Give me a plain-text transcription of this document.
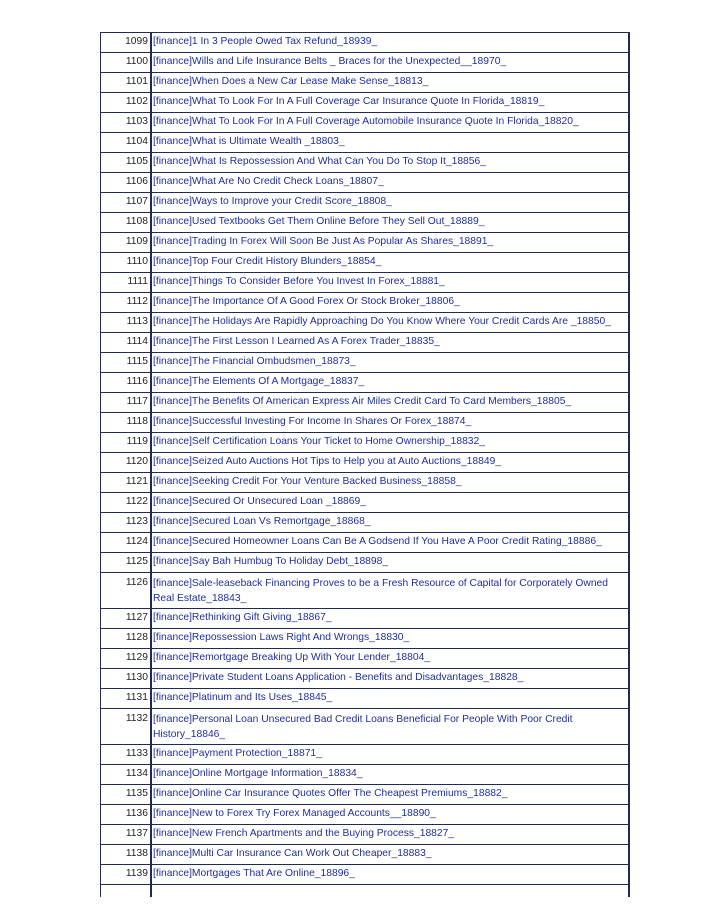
1099	[finance]1 In 3 People Owed Tax Refund_18939_
1100	[finance]Wills and Life Insurance Belts _ Braces for the Unexpected__18970_
1101	[finance]When Does a New Car Lease Make Sense_18813_
1102	[finance]What To Look For In A Full Coverage Car Insurance Quote In Florida_18819_
1103	[finance]What To Look For In A Full Coverage Automobile Insurance Quote In Florida_18820_
1104	[finance]What is Ultimate Wealth _18803_
1105	[finance]What Is Repossession And What Can You Do To Stop It_18856_
1106	[finance]What Are No Credit Check Loans_18807_
1107	[finance]Ways to Improve your Credit Score_18808_
1108	[finance]Used Textbooks Get Them Online Before They Sell Out_18889_
1109	[finance]Trading In Forex Will Soon Be Just As Popular As Shares_18891_
1110	[finance]Top Four Credit History Blunders_18854_
1111	[finance]Things To Consider Before You Invest In Forex_18881_
1112	[finance]The Importance Of A Good Forex Or Stock Broker_18806_
1113	[finance]The Holidays Are Rapidly Approaching Do You Know Where Your Credit Cards Are _18850_
1114	[finance]The First Lesson I Learned As A Forex Trader_18835_
1115	[finance]The Financial Ombudsmen_18873_
1116	[finance]The Elements Of A Mortgage_18837_
1117	[finance]The Benefits Of American Express Air Miles Credit Card To Card Members_18805_
1118	[finance]Successful Investing For Income In Shares Or Forex_18874_
1119	[finance]Self Certification Loans Your Ticket to Home Ownership_18832_
1120	[finance]Seized Auto Auctions Hot Tips to Help you at Auto Auctions_18849_
1121	[finance]Seeking Credit For Your Venture Backed Business_18858_
1122	[finance]Secured Or Unsecured Loan _18869_
1123	[finance]Secured Loan Vs Remortgage_18868_
1124	[finance]Secured Homeowner Loans Can Be A Godsend If You Have A Poor Credit Rating_18886_
1125	[finance]Say Bah Humbug To Holiday Debt_18898_
1126	[finance]Sale-leaseback Financing Proves to be a Fresh Resource of Capital for Corporately Owned Real Estate_18843_
1127	[finance]Rethinking Gift Giving_18867_
1128	[finance]Repossession Laws Right And Wrongs_18830_
1129	[finance]Remortgage Breaking Up With Your Lender_18804_
1130	[finance]Private Student Loans Application - Benefits and Disadvantages_18828_
1131	[finance]Platinum and Its Uses_18845_
1132	[finance]Personal Loan Unsecured Bad Credit Loans Beneficial For People With Poor Credit History_18846_
1133	[finance]Payment Protection_18871_
1134	[finance]Online Mortgage Information_18834_
1135	[finance]Online Car Insurance Quotes Offer The Cheapest Premiums_18882_
1136	[finance]New to Forex Try Forex Managed Accounts__18890_
1137	[finance]New French Apartments and the Buying Process_18827_
1138	[finance]Multi Car Insurance Can Work Out Cheaper_18883_
1139	[finance]Mortgages That Are Online_18896_
